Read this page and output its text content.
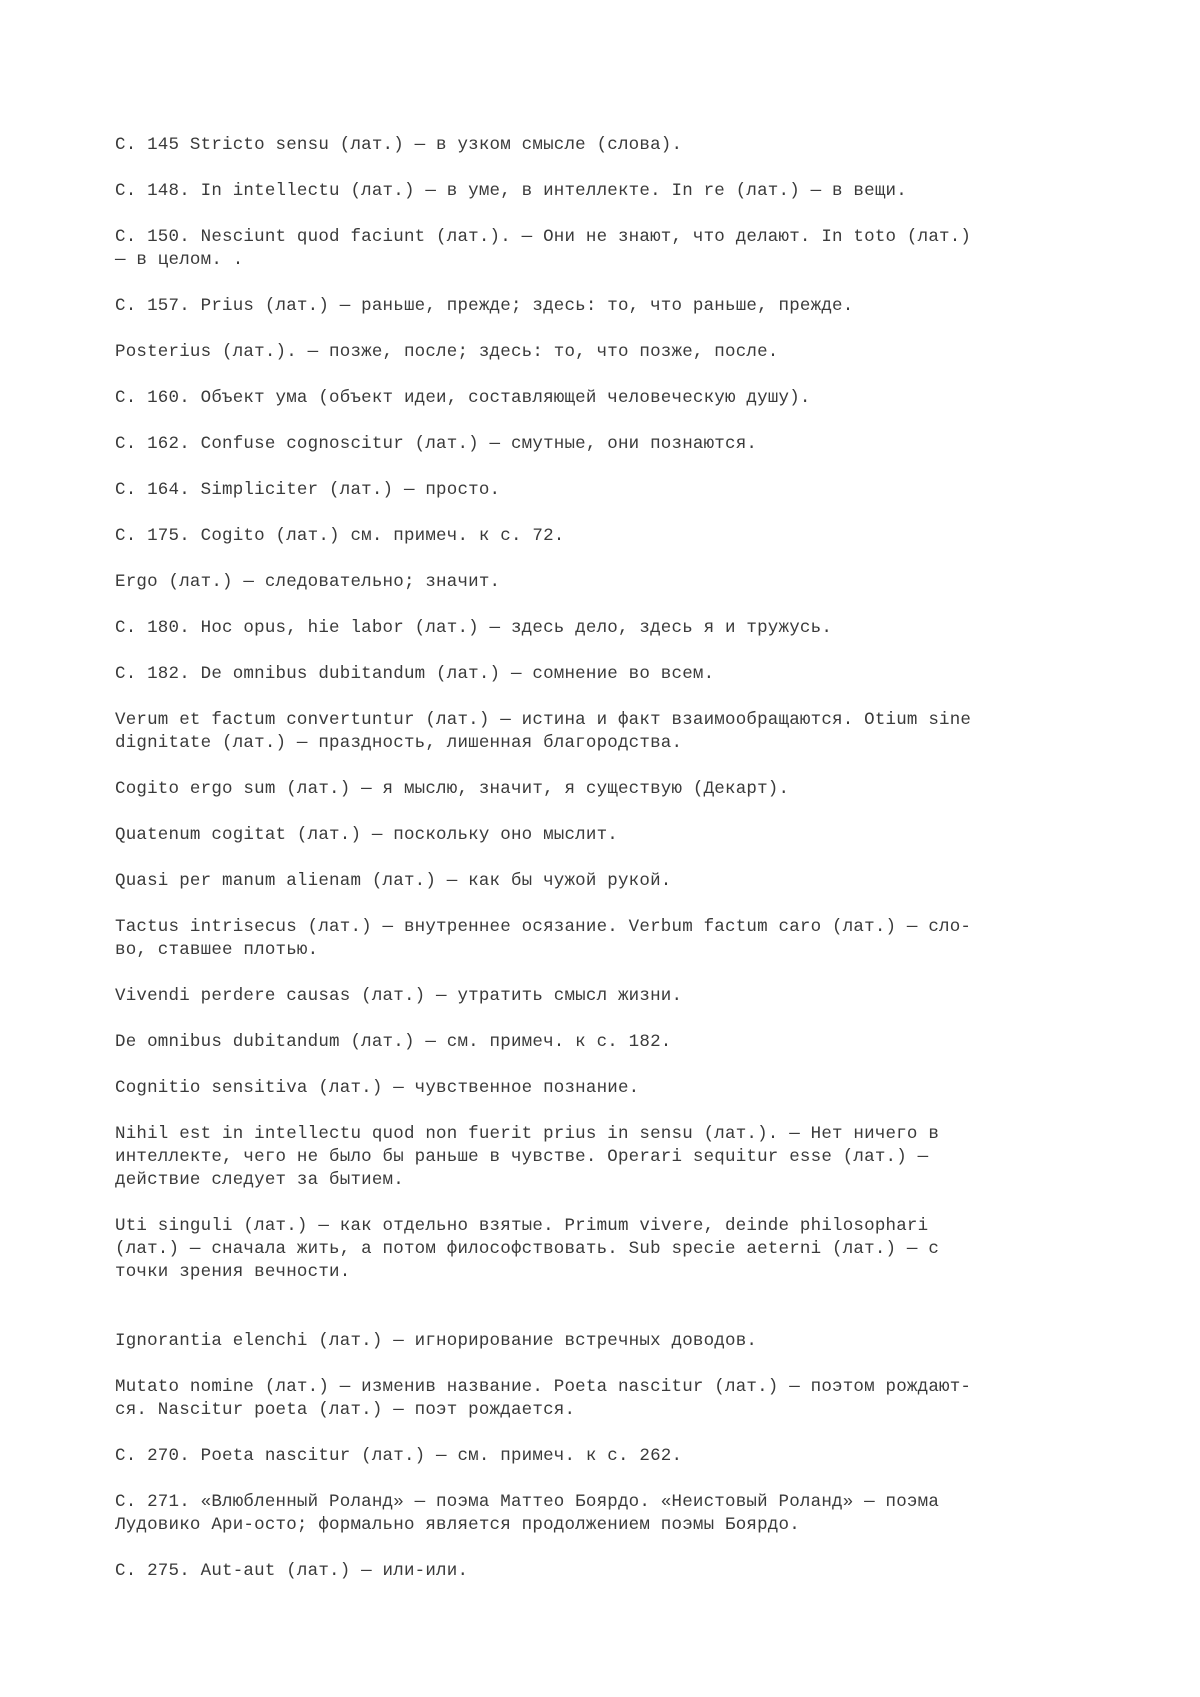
С. 145 Stricto sensu (лат.) — в узком смысле (слова).

С. 148. In intellectu (лат.) — в уме, в интеллекте. In re (лат.) — в вещи.

С. 150. Nesciunt quod faciunt (лат.). — Они не знают, что делают. In toto (лат.)
— в целом. .

С. 157. Prius (лат.) — раньше, прежде; здесь: то, что раньше, прежде.

Posterius (лат.). — позже, после; здесь: то, что позже, после.

С. 160. Объект ума (объект идеи, составляющей человеческую душу).

С. 162. Confuse cognoscitur (лат.) — смутные, они познаются.

С. 164. Simpliciter (лат.) — просто.

С. 175. Cogito (лат.) см. примеч. к с. 72.

Ergo (лат.) — следовательно; значит.

С. 180. Hoc opus, hie labor (лат.) — здесь дело, здесь я и тружусь.

С. 182. De omnibus dubitandum (лат.) — сомнение во всем.

Verum et factum convertuntur (лат.) — истина и факт взаимообращаются. Otium sine
dignitate (лат.) — праздность, лишенная благородства.

Cogito ergo sum (лат.) — я мыслю, значит, я существую (Декарт).

Quatenum cogitat (лат.) — поскольку оно мыслит.

Quasi per manum alienam (лат.) — как бы чужой рукой.

Tactus intrisecus (лат.) — внутреннее осязание. Verbum factum caro (лат.) — сло-
во, ставшее плотью.

Vivendi perdere causas (лат.) — утратить смысл жизни.

De omnibus dubitandum (лат.) — см. примеч. к с. 182.

Cognitio sensitiva (лат.) — чувственное познание.

Nihil est in intellectu quod non fuerit prius in sensu (лат.). — Нет ничего в
интеллекте, чего не было бы раньше в чувстве. Operari sequitur esse (лат.) —
действие следует за бытием.

Uti singuli (лат.) — как отдельно взятые. Primum vivere, deinde philosophari
(лат.) — сначала жить, а потом философствовать. Sub specie aeterni (лат.) — с
точки зрения вечности.

Ignorantia elenchi (лат.) — игнорирование встречных доводов.

Mutato nomine (лат.) — изменив название. Poeta nascitur (лат.) — поэтом рождают-
ся. Nascitur poeta (лат.) — поэт рождается.

С. 270. Poeta nascitur (лат.) — см. примеч. к с. 262.

С. 271. «Влюбленный Роланд» — поэма Маттео Боярдо. «Неистовый Роланд» — поэма
Лудовико Ари-осто; формально является продолжением поэмы Боярдо.

С. 275. Aut-aut (лат.) — или-или.
